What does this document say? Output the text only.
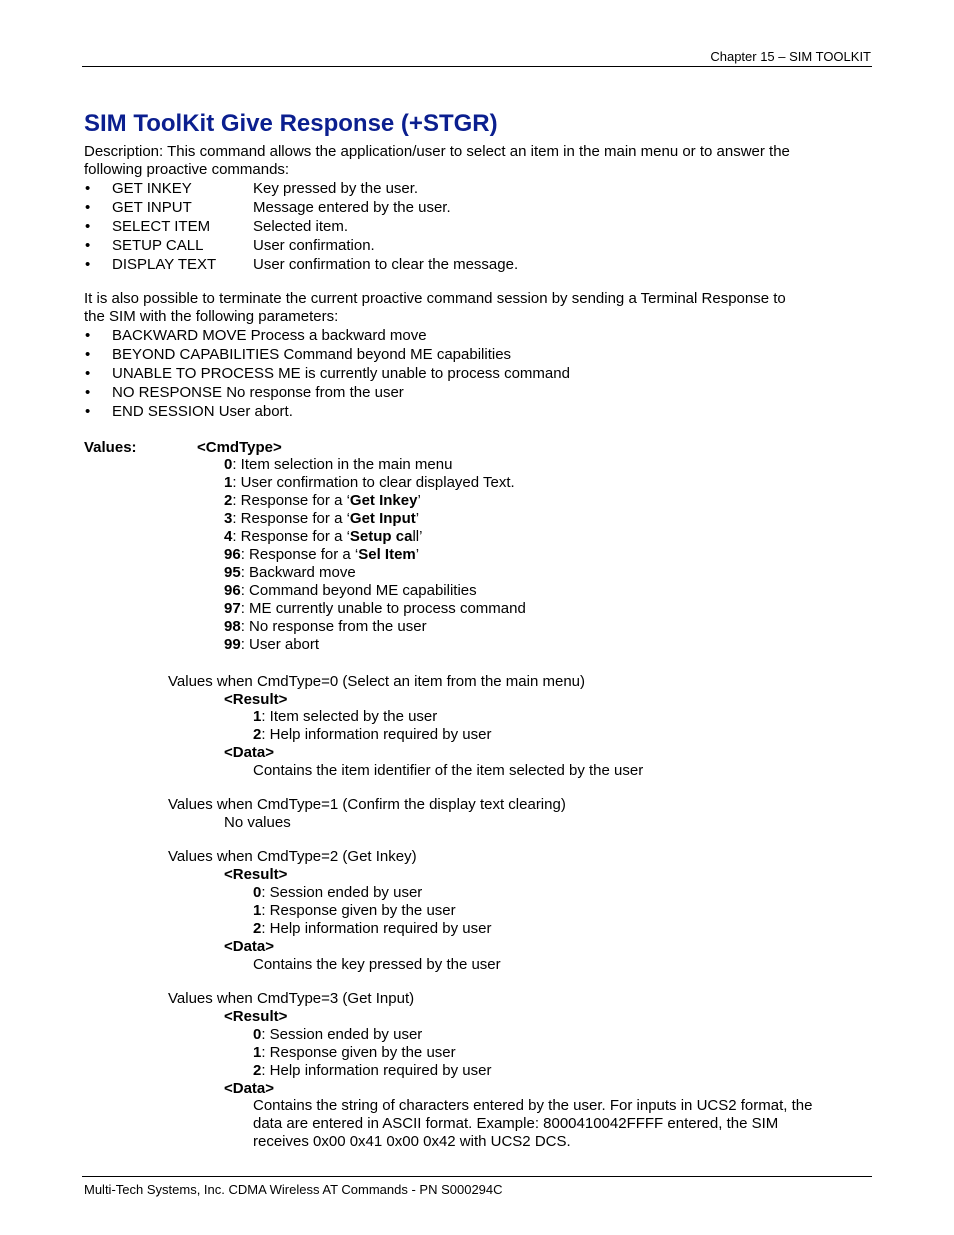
Chapter 15 – SIM TOOLKIT
SIM ToolKit Give Response (+STGR)
Description: This command allows the application/user to select an item in the main menu or to answer the
following proactive commands:
• GET INKEY	Key pressed by the user.
• GET INPUT	Message entered by the user.
• SELECT ITEM	Selected item.
• SETUP CALL	User confirmation.
• DISPLAY TEXT User confirmation to clear the message.
It is also possible to terminate the current proactive command session by sending a Terminal Response to
the SIM with the following parameters:
• BACKWARD MOVE Process a backward move
• BEYOND CAPABILITIES Command beyond ME capabilities
• UNABLE TO PROCESS ME is currently unable to process command
• NO RESPONSE No response from the user
• END SESSION User abort.
Values:	<CmdType>
0: Item selection in the main menu
1: User confirmation to clear displayed Text.
2: Response for a ‘Get Inkey’
3: Response for a ‘Get Input’
4: Response for a ‘Setup call’
96: Response for a ‘Sel Item’
95: Backward move
96: Command beyond ME capabilities
97: ME currently unable to process command
98: No response from the user
99: User abort
Values when CmdType=0 (Select an item from the main menu)
<Result>
1: Item selected by the user
2: Help information required by user
<Data>
Contains the item identifier of the item selected by the user
Values when CmdType=1 (Confirm the display text clearing)
No values
Values when CmdType=2 (Get Inkey)
<Result>
0: Session ended by user
1: Response given by the user
2: Help information required by user
<Data>
Contains the key pressed by the user
Values when CmdType=3 (Get Input)
<Result>
0: Session ended by user
1: Response given by the user
2: Help information required by user
<Data>
Contains the string of characters entered by the user. For inputs in UCS2 format, the
data are entered in ASCII format. Example: 8000410042FFFF entered, the SIM
receives 0x00 0x41 0x00 0x42 with UCS2 DCS.
Multi-Tech Systems, Inc. CDMA Wireless AT Commands - PN S000294C
